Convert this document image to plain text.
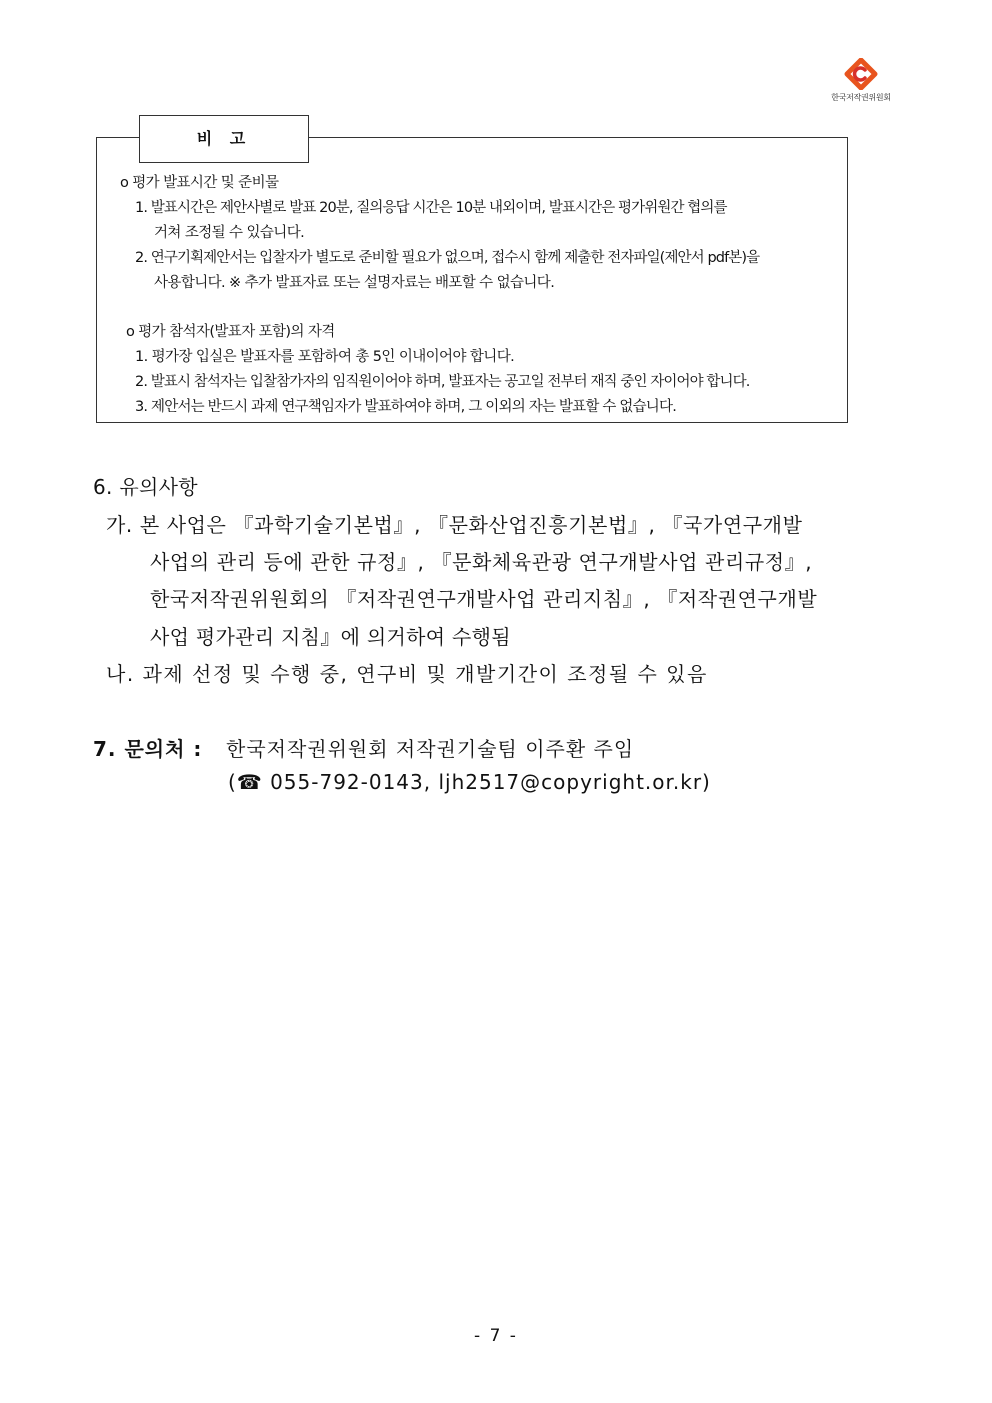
한국저작권위원회
비 고
o 평가 발표시간 및 준비물
1. 발표시간은 제안사별로 발표 20분, 질의응답 시간은 10분 내외이며, 발표시간은 평가위원간 협의를
거쳐 조정될 수 있습니다.
2. 연구기획제안서는 입찰자가 별도로 준비할 필요가 없으며, 접수시 함께 제출한 전자파일(제안서 pdf본)을
사용합니다. ※ 추가 발표자료 또는 설명자료는 배포할 수 없습니다.
o 평가 참석자(발표자 포함)의 자격
1. 평가장 입실은 발표자를 포함하여 총 5인 이내이어야 합니다.
2. 발표시 참석자는 입찰참가자의 임직원이어야 하며, 발표자는 공고일 전부터 재직 중인 자이어야 합니다.
3. 제안서는 반드시 과제 연구책임자가 발표하여야 하며, 그 이외의 자는 발표할 수 없습니다.
6. 유의사항
가. 본 사업은 『과학기술기본법』, 『문화산업진흥기본법』, 『국가연구개발
사업의 관리 등에 관한 규정』, 『문화체육관광 연구개발사업 관리규정』,
한국저작권위원회의 『저작권연구개발사업 관리지침』, 『저작권연구개발
사업 평가관리 지침』에 의거하여 수행됨
나. 과제 선정 및 수행 중, 연구비 및 개발기간이 조정될 수 있음
7. 문의처 : 한국저작권위원회 저작권기술팀 이주환 주임
(☎ 055-792-0143, ljh2517@copyright.or.kr)
- 7 -
